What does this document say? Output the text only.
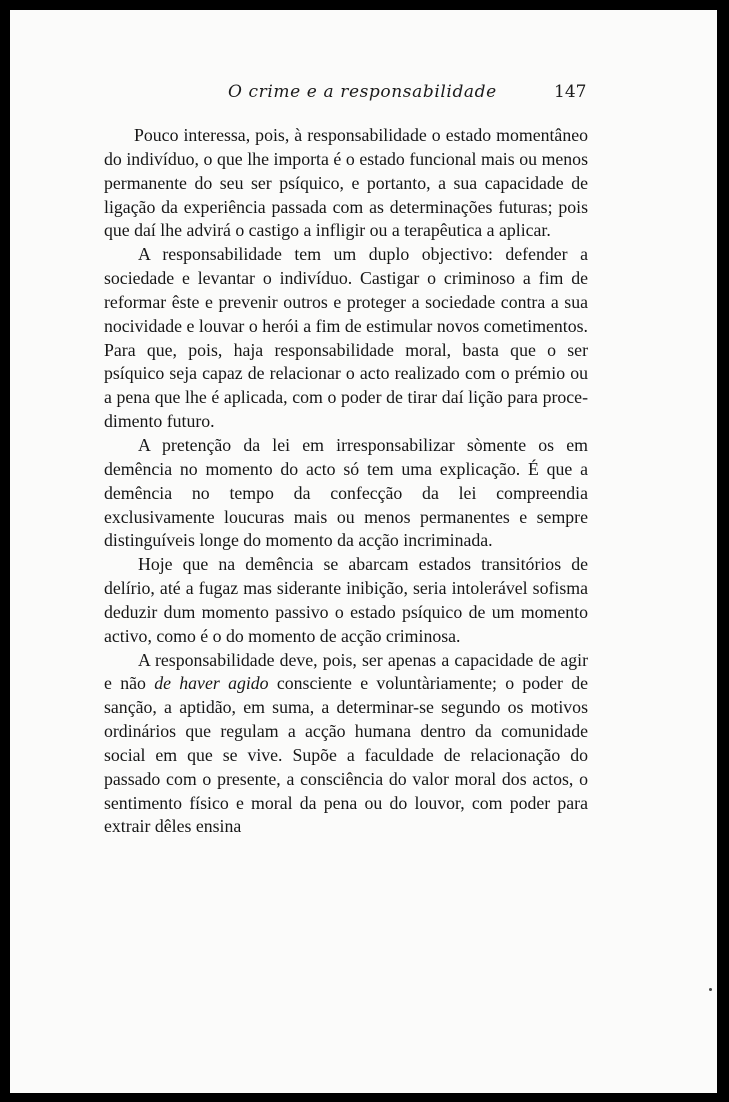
O crime e a responsabilidade	147

Pouco interessa, pois, à responsabilidade o estado momentâneo do indivíduo, o que lhe importa é o estado funcional mais ou menos permanente do seu ser psíquico, e portanto, a sua capacidade de ligação da experiência passada com as determinações futuras; pois que daí lhe advirá o castigo a infligir ou a terapêutica a aplicar.

A responsabilidade tem um duplo objectivo: defender a sociedade e levantar o indivíduo. Castigar o criminoso a fim de reformar êste e prevenir outros e proteger a sociedade contra a sua nocividade e louvar o herói a fim de estimular novos cometimentos. Para que, pois, haja responsabilidade moral, basta que o ser psíquico seja capaz de relacionar o acto realizado com o prémio ou a pena que lhe é aplicada, com o poder de tirar daí lição para procedimento futuro.

A pretenção da lei em irresponsabilizar sòmente os em demência no momento do acto só tem uma explicação. É que a demência no tempo da confecção da lei compreendia exclusivamente loucuras mais ou menos permanentes e sempre distinguíveis longe do momento da acção incriminada.

Hoje que na demência se abarcam estados transitórios de delírio, até a fugaz mas siderante inibição, seria intolerável sofisma deduzir dum momento passivo o estado psíquico de um momento activo, como é o do momento de acção criminosa.

A responsabilidade deve, pois, ser apenas a capacidade de agir e não de haver agido consciente e voluntàriamente; o poder de sanção, a aptidão, em suma, a determinar-se segundo os motivos ordinários que regulam a acção humana dentro da comunidade social em que se vive. Supõe a faculdade de relacionação do passado com o presente, a consciência do valor moral dos actos, o sentimento físico e moral da pena ou do louvor, com poder para extrair dêles ensina
